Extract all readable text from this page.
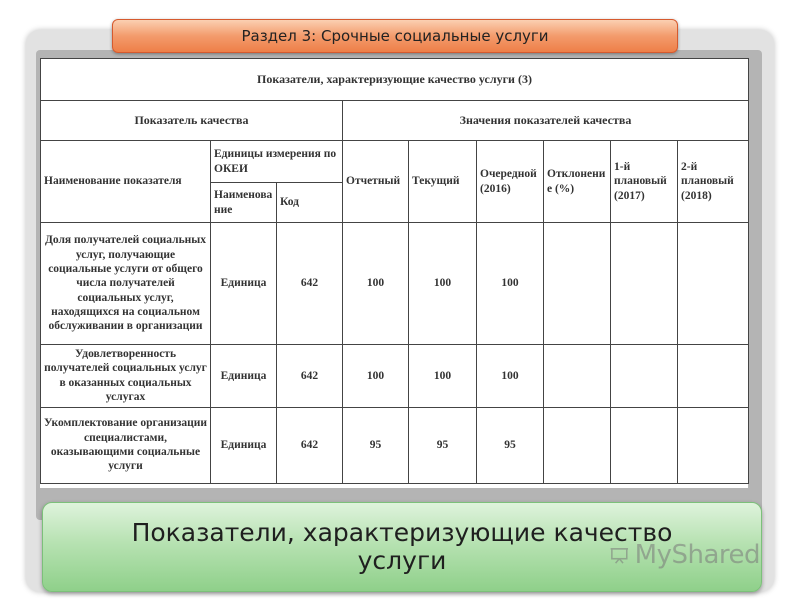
Показатели, характеризующие качество услуги (3)								
Показатель качества			Значения показателей качества					
Наименование показателя	Единицы измерения по ОКЕИ		Отчетный	Текущий	Очередной (2016)	Отклонени е (%)	1-й плановый (2017)	2-й плановый (2018)
	Наименова ние	Код						
Доля получателей социальных услуг, получающие социальные услуги от общего числа получателей социальных услуг, находящихся на социальном обслуживании в организации	Единица	642	100	100	100			
Удовлетворенность получателей социальных услуг в оказанных социальных услугах	Единица	642	100	100	100			
Укомплектование организации специалистами, оказывающими социальные услуги	Единица	642	95	95	95			
Раздел 3: Срочные социальные услуги
Показатели, характеризующие качество услуги	MyShared
